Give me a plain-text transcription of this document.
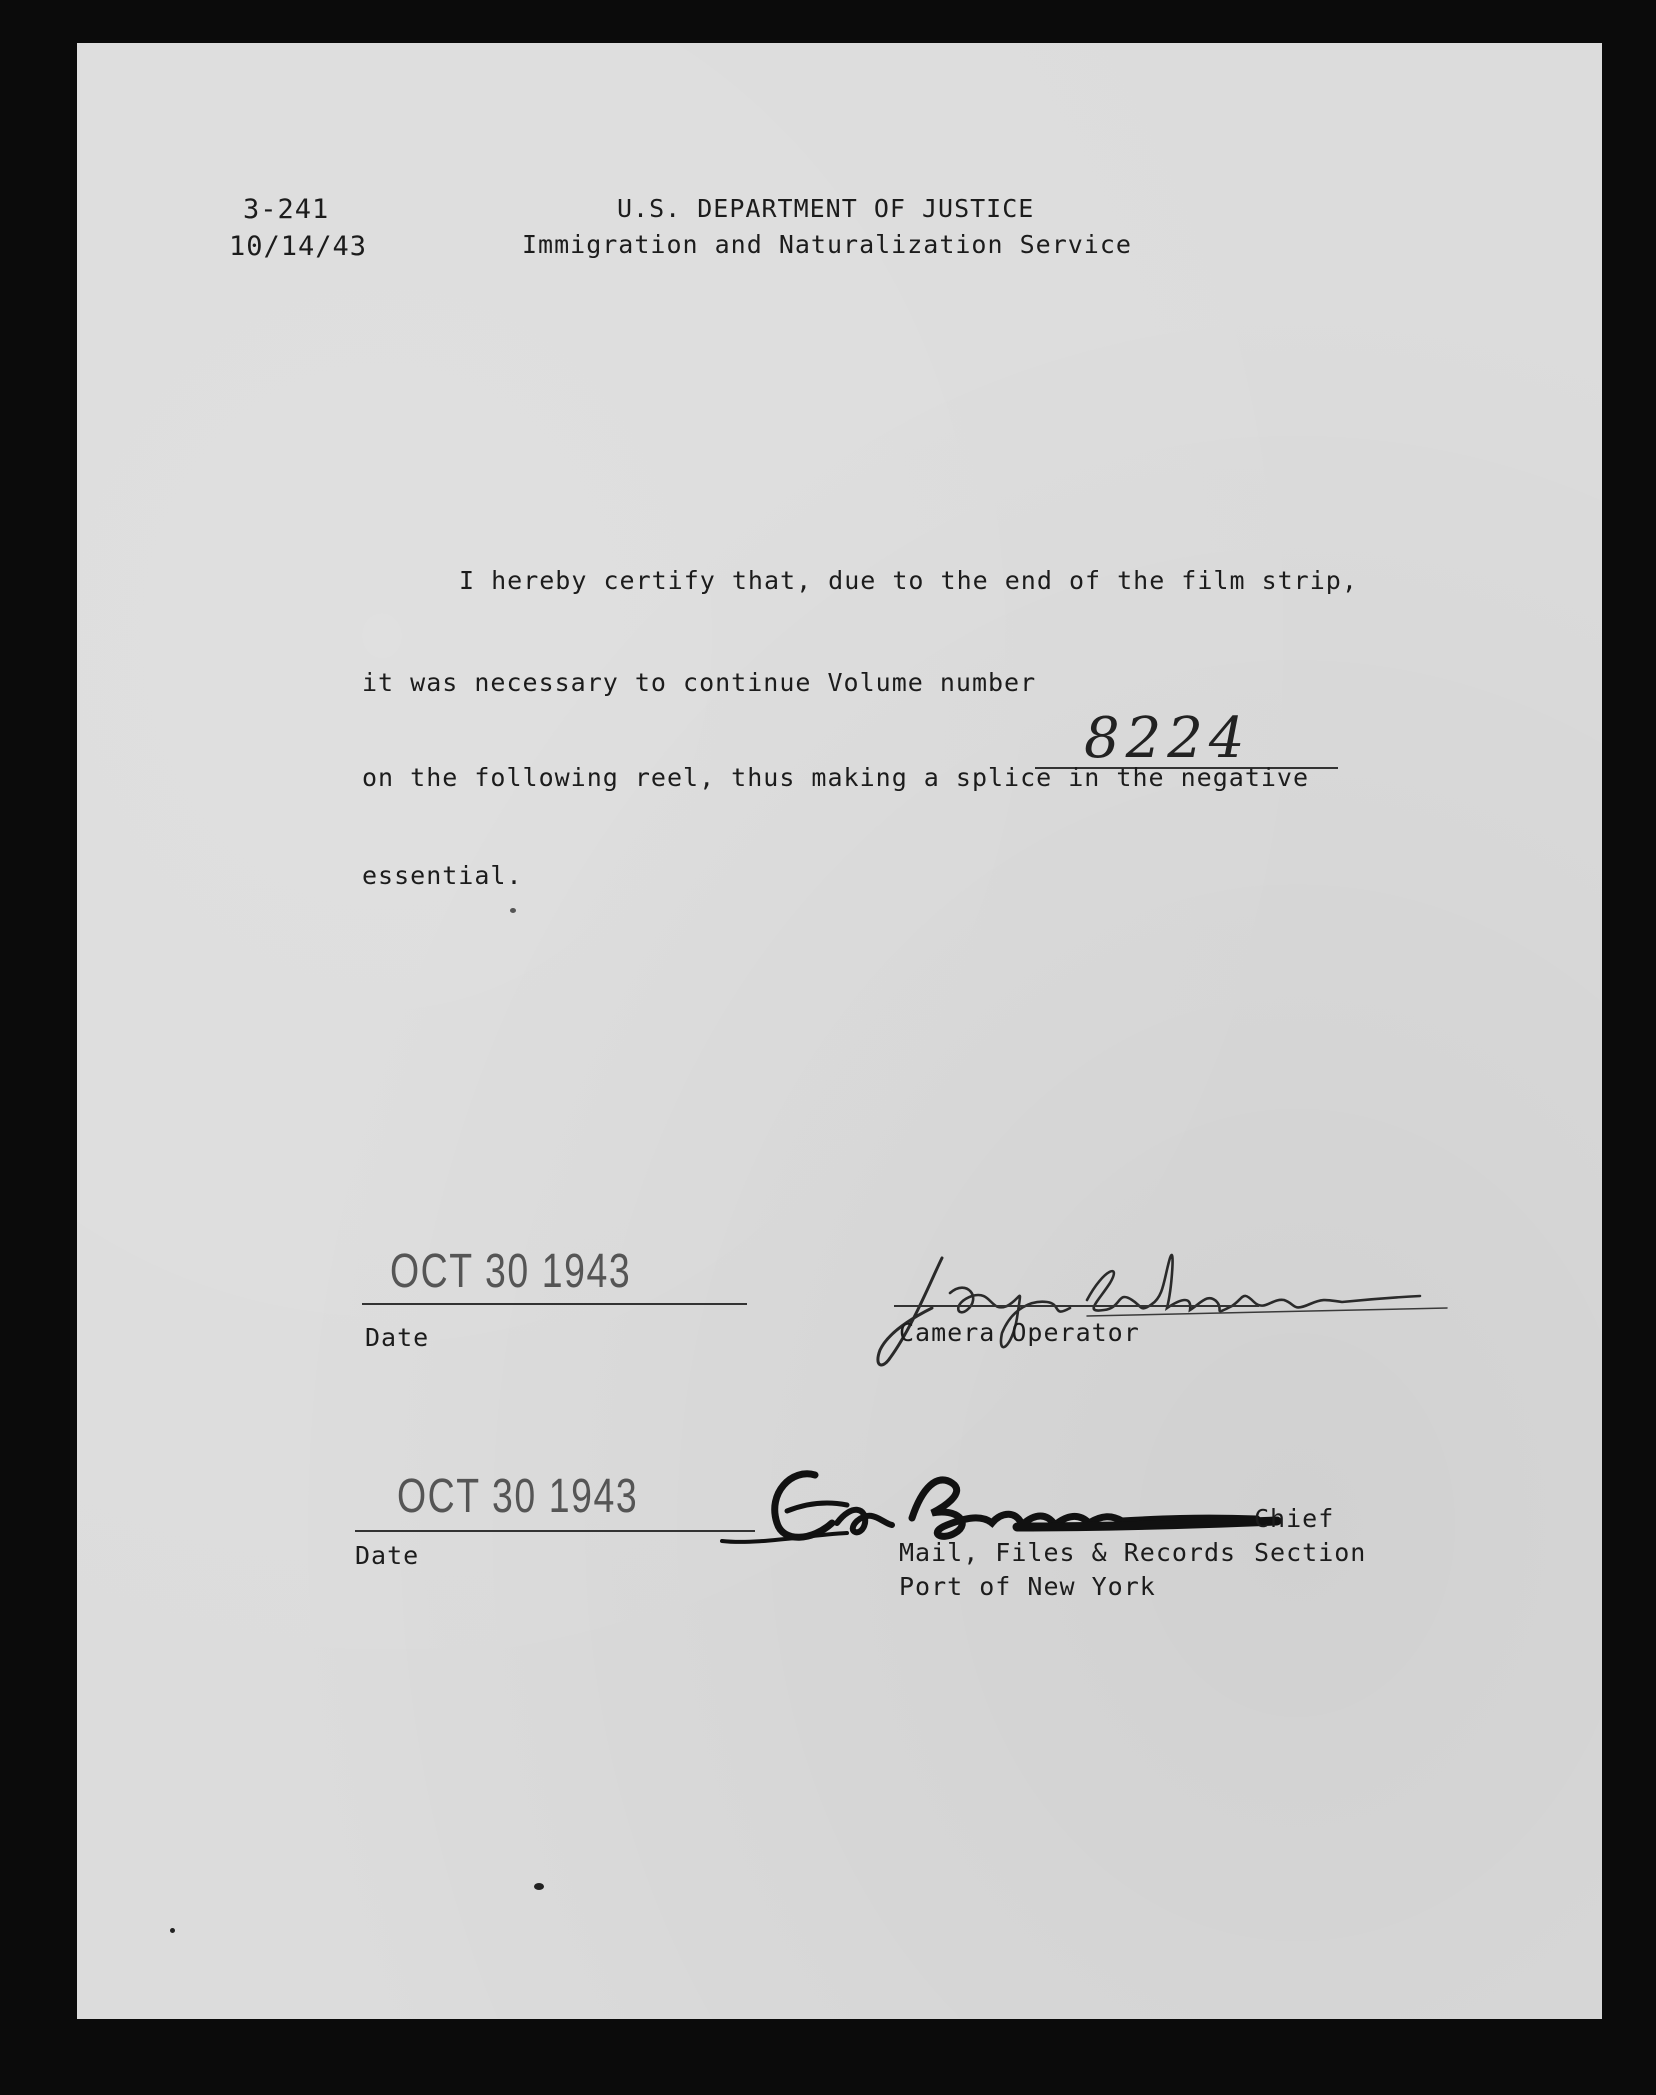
3-241
10/14/43
U.S. DEPARTMENT OF JUSTICE
Immigration and Naturalization Service
I hereby certify that, due to the end of the film strip,
it was necessary to continue Volume number
8224
on the following reel, thus making a splice in the negative
essential.
OCT 30 1943
Date	Camera Operator
OCT 30 1943
Date
Chief
Mail, Files & Records Section
Port of New York
